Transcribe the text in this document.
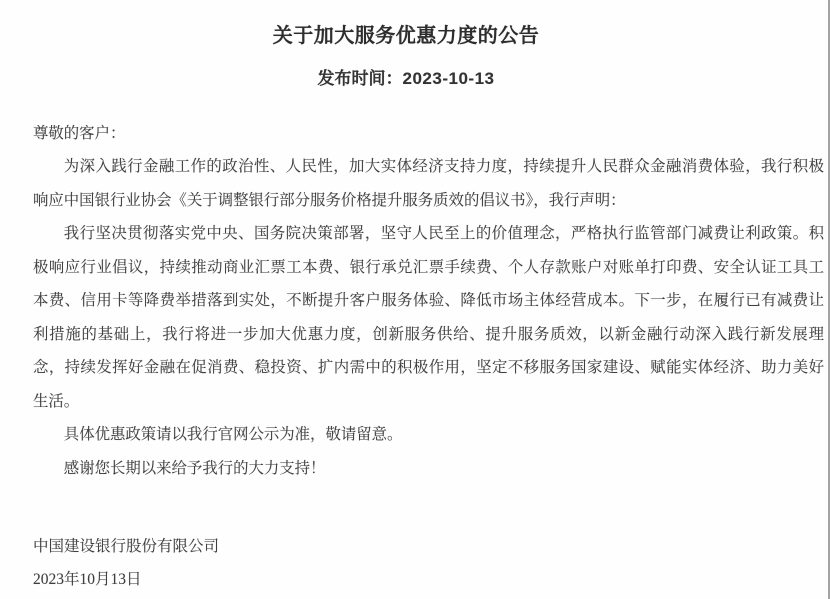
关于加大服务优惠力度的公告
发布时间：2023-10-13
尊敬的客户：
为深入践行金融工作的政治性、人民性，加大实体经济支持力度，持续提升人民群众金融消费体验，我行积极
响应中国银行业协会《关于调整银行部分服务价格提升服务质效的倡议书》，我行声明：
我行坚决贯彻落实党中央、国务院决策部署，坚守人民至上的价值理念，严格执行监管部门减费让利政策。积
极响应行业倡议，持续推动商业汇票工本费、银行承兑汇票手续费、个人存款账户对账单打印费、安全认证工具工
本费、信用卡等降费举措落到实处，不断提升客户服务体验、降低市场主体经营成本。下一步，在履行已有减费让
利措施的基础上，我行将进一步加大优惠力度，创新服务供给、提升服务质效，以新金融行动深入践行新发展理
念，持续发挥好金融在促消费、稳投资、扩内需中的积极作用，坚定不移服务国家建设、赋能实体经济、助力美好
生活。
具体优惠政策请以我行官网公示为准，敬请留意。
感谢您长期以来给予我行的大力支持！
中国建设银行股份有限公司
2023年10月13日
